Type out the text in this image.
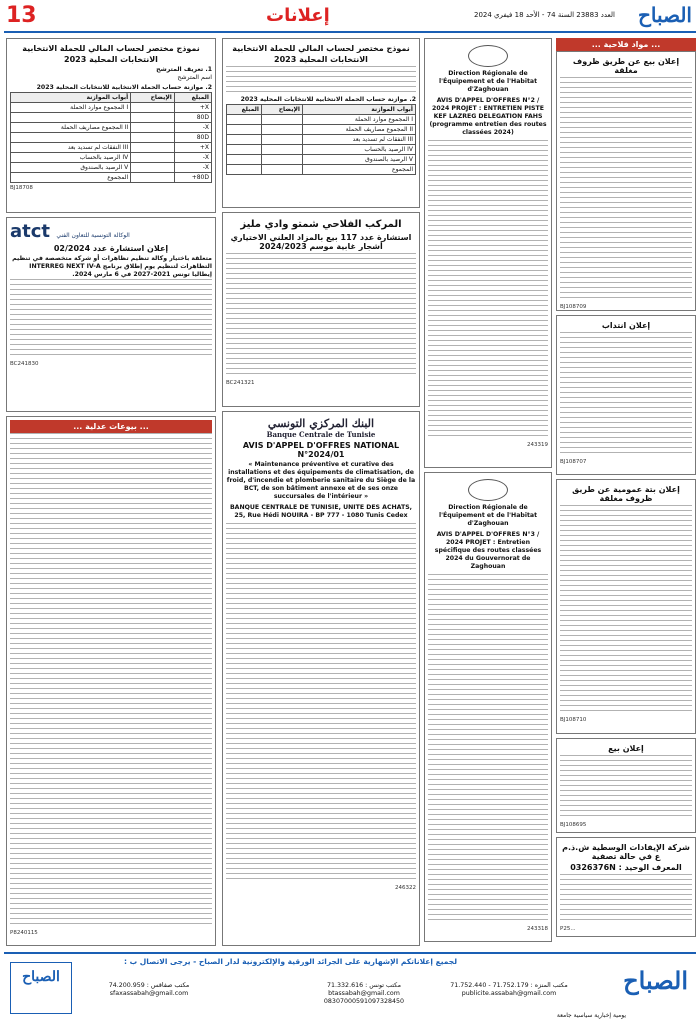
13	إعلانات	العدد 23883 السنة 74 - الأحد 18 فيفري 2024 الصباح
... مواد فلاحية ...
إعلان بيع عن طريق ظروف مغلقة
BJ108709
إعلان انتداب
BJ108707
إعلان بتة عمومية عن طريق ظروف مغلقة
BJ108710
إعلان بيع
BJ108695
شركة الإيفادات الوسطية ش.ذ.م ع في حالة تصفية
المعرف الوحيد : 0326376N
P25...
Direction Régionale de l'Équipement et de l'Habitat d'Zaghouan
AVIS D'APPEL D'OFFRES N°2 / 2024 PROJET : ENTRETIEN PISTE KEF LAZREG DELEGATION FAHS (programme entretien des routes classées 2024)
243319
Direction Régionale de l'Équipement et de l'Habitat d'Zaghouan
AVIS D'APPEL D'OFFRES N°3 / 2024 PROJET : Entretien spécifique des routes classées 2024 du Gouvernorat de Zaghouan
243318
نموذج مختصر لحساب المالي للحملة الانتخابية
الانتخابات المحلية 2023
2. موازنة حساب الحملة الانتخابية للانتخابات المحلية 2023
أبواب الموازنة	الإيضاح	المبلغ
I المجموع موارد الحملة		
II المجموع مصاريف الحملة		
III النفقات لم تسديد بعد		
IV الرصيد بالحساب		
V الرصيد بالصندوق		
المجموع		
المركب الفلاحي شمتو وادي مليز
استشارة عدد 117 بيع بالمزاد العلني الاختياري أشجار غابية موسم 2024/2023
BC241321
البنك المركزي التونسي
Banque Centrale de Tunisie
AVIS D'APPEL D'OFFRES NATIONAL N°2024/01
« Maintenance préventive et curative des installations et des équipements de climatisation, de froid, d'incendie et plomberie sanitaire du Siège de la BCT, de son bâtiment annexe et de ses onze succursales de l'intérieur »
BANQUE CENTRALE DE TUNISIE, UNITE DES ACHATS, 25, Rue Hédi NOUIRA - BP 777 - 1080 Tunis Cedex
246322
نموذج مختصر لحساب المالي للحملة الانتخابية
الانتخابات المحلية 2023
1. تعريف المترشح
اسم المترشح
2. موازنة حساب الحملة الانتخابية للانتخابات المحلية 2023
المبلغ	الإيضاح	أبواب الموازنة
X+		I المجموع موارد الحملة
80D		
X-		II المجموع مصاريف الحملة
80D		
X+		III النفقات لم تسديد بعد
X-		IV الرصيد بالحساب
X-		V الرصيد بالصندوق
80D+		المجموع
BJ18708
atct الوكالة التونسية للتعاون الفني
إعلان استشارة عدد 02/2024
متعلقة باختيار وكالة تنظيم تظاهرات أو شركة متخصصة في تنظيم التظاهرات لتنظيم يوم إطلاق برنامج INTERREG NEXT IV-A إيطاليا تونس 2021-2027 في 6 مارس 2024.
BC241830
... بيوعات عدلية ...
P8240115
لجميع إعلاناتكم الإشهارية على الجرائد الورقية والإلكترونية لدار الصباح - يرجى الاتصال ب :
الصباح
يومية إخبارية سياسية جامعة
مكتب المنزه : 71.752.179 - 71.752.440
publicite.assabah@gmail.com
مكتب تونس : 71.332.616
btassabah@gmail.com
08307000591097328450
مكتب صفاقس : 74.200.959
sfaxassabah@gmail.com
الصباح
